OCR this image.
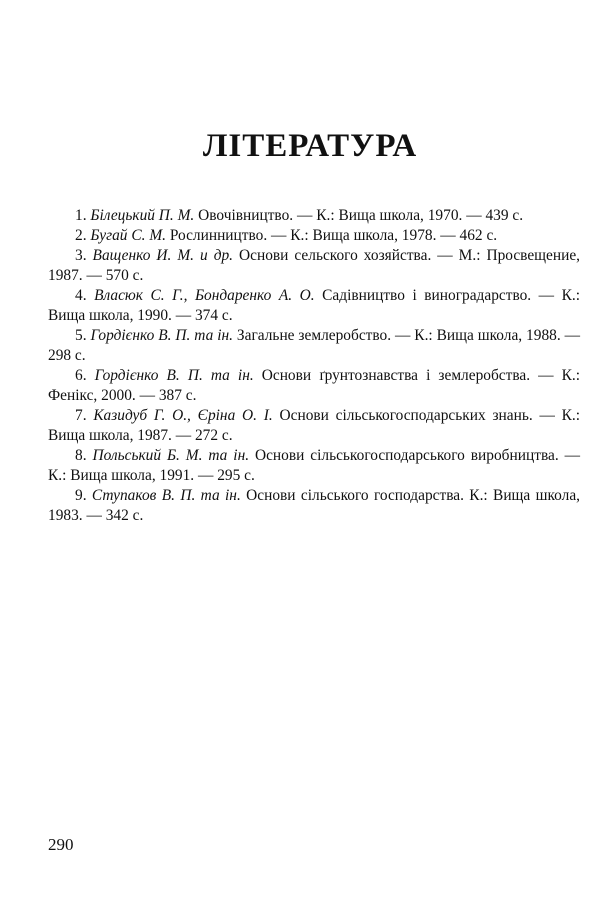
ЛІТЕРАТУРА
1. Білецький П. М. Овочівництво. — К.: Вища школа, 1970. — 439 с.
2. Бугай С. М. Рослинництво. — К.: Вища школа, 1978. — 462 с.
3. Ващенко И. М. и др. Основи сельского хозяйства. — М.: Просвещение, 1987. — 570 с.
4. Власюк С. Г., Бондаренко А. О. Садівництво і виноградарство. — К.: Вища школа, 1990. — 374 с.
5. Гордієнко В. П. та ін. Загальне землеробство. — К.: Вища школа, 1988. — 298 с.
6. Гордієнко В. П. та ін. Основи ґрунтознавства і землеробства. — К.: Фенікс, 2000. — 387 с.
7. Казидуб Г. О., Єріна О. І. Основи сільськогосподарських знань. — К.: Вища школа, 1987. — 272 с.
8. Польський Б. М. та ін. Основи сільськогосподарського виробництва. — К.: Вища школа, 1991. — 295 с.
9. Ступаков В. П. та ін. Основи сільського господарства. К.: Вища школа, 1983. — 342 с.
290
